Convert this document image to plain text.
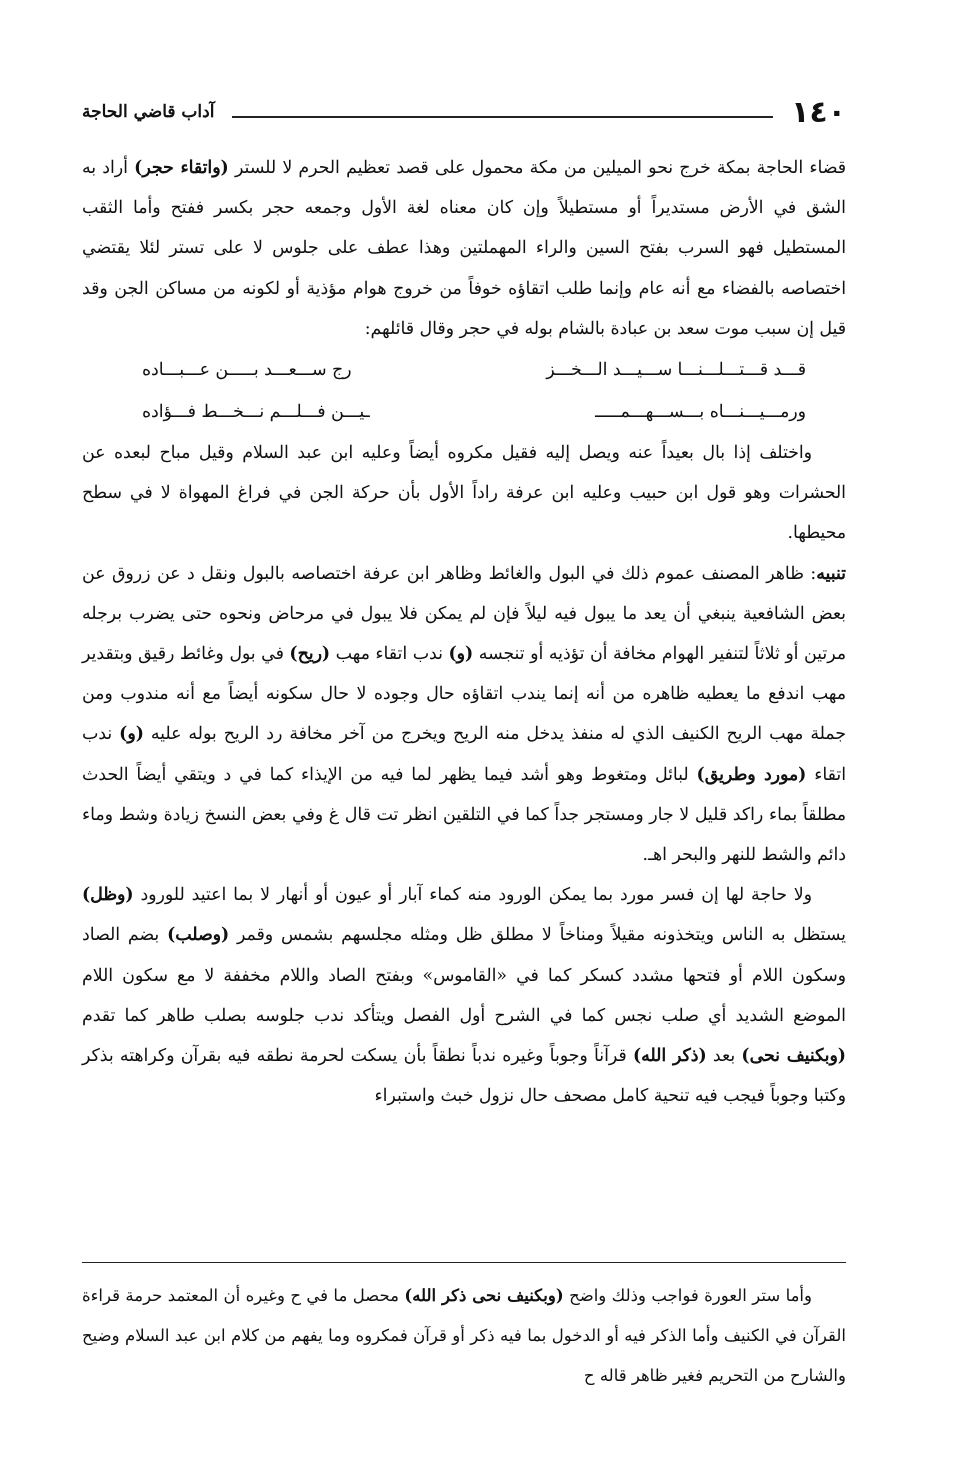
١٤٠
آداب قاضي الحاجة

قضاء الحاجة بمكة خرج نحو الميلين من مكة محمول على قصد تعظيم الحرم لا للستر (واتقاء حجر) أراد به الشق في الأرض مستديراً أو مستطيلاً وإن كان معناه لغة الأول وجمعه حجر بكسر ففتح وأما الثقب المستطيل فهو السرب بفتح السين والراء المهملتين وهذا عطف على جلوس لا على تستر لئلا يقتضي اختصاصه بالفضاء مع أنه عام وإنما طلب اتقاؤه خوفاً من خروج هوام مؤذية أو لكونه من مساكن الجن وقد قيل إن سبب موت سعد بن عبادة بالشام بوله في حجر وقال قائلهم:

قـــد قـــتـــلـــنـــا ســـيـــد الـــخـــز
رج ســـعـــد بـــــن عـــبـــاده
ورمـــيـــنـــاه بـــســـهـــمـــــ
ـيـــن فـــلـــم نـــخـــط فـــؤاده

واختلف إذا بال بعيداً عنه ويصل إليه فقيل مكروه أيضاً وعليه ابن عبد السلام وقيل مباح لبعده عن الحشرات وهو قول ابن حبيب وعليه ابن عرفة راداً الأول بأن حركة الجن في فراغ المهواة لا في سطح محيطها.

تنبيه: ظاهر المصنف عموم ذلك في البول والغائط وظاهر ابن عرفة اختصاصه بالبول ونقل د عن زروق عن بعض الشافعية ينبغي أن يعد ما يبول فيه ليلاً فإن لم يمكن فلا يبول في مرحاض ونحوه حتى يضرب برجله مرتين أو ثلاثاً لتنفير الهوام مخافة أن تؤذيه أو تنجسه (و) ندب اتقاء مهب (ريح) في بول وغائط رقيق وبتقدير مهب اندفع ما يعطيه ظاهره من أنه إنما يندب اتقاؤه حال وجوده لا حال سكونه أيضاً مع أنه مندوب ومن جملة مهب الريح الكنيف الذي له منفذ يدخل منه الريح ويخرج من آخر مخافة رد الريح بوله عليه (و) ندب اتقاء (مورد وطريق) لبائل ومتغوط وهو أشد فيما يظهر لما فيه من الإيذاء كما في د ويتقي أيضاً الحدث مطلقاً بماء راكد قليل لا جار ومستجر جداً كما في التلقين انظر تت قال غ وفي بعض النسخ زيادة وشط وماء دائم والشط للنهر والبحر اهـ.

ولا حاجة لها إن فسر مورد بما يمكن الورود منه كماء آبار أو عيون أو أنهار لا بما اعتيد للورود (وظل) يستظل به الناس ويتخذونه مقيلاً ومناخاً لا مطلق ظل ومثله مجلسهم بشمس وقمر (وصلب) بضم الصاد وسكون اللام أو فتحها مشدد كسكر كما في «القاموس» وبفتح الصاد واللام مخففة لا مع سكون اللام الموضع الشديد أي صلب نجس كما في الشرح أول الفصل ويتأكد ندب جلوسه بصلب طاهر كما تقدم (وبكنيف نحى) بعد (ذكر الله) قرآناً وجوباً وغيره ندباً نطقاً بأن يسكت لحرمة نطقه فيه بقرآن وكراهته بذكر وكتبا وجوباً فيجب فيه تنحية كامل مصحف حال نزول خبث واستبراء

وأما ستر العورة فواجب وذلك واضح (وبكنيف نحى ذكر الله) محصل ما في ح وغيره أن المعتمد حرمة قراءة القرآن في الكنيف وأما الذكر فيه أو الدخول بما فيه ذكر أو قرآن فمكروه وما يفهم من كلام ابن عبد السلام وضيح والشارح من التحريم فغير ظاهر قاله ح
